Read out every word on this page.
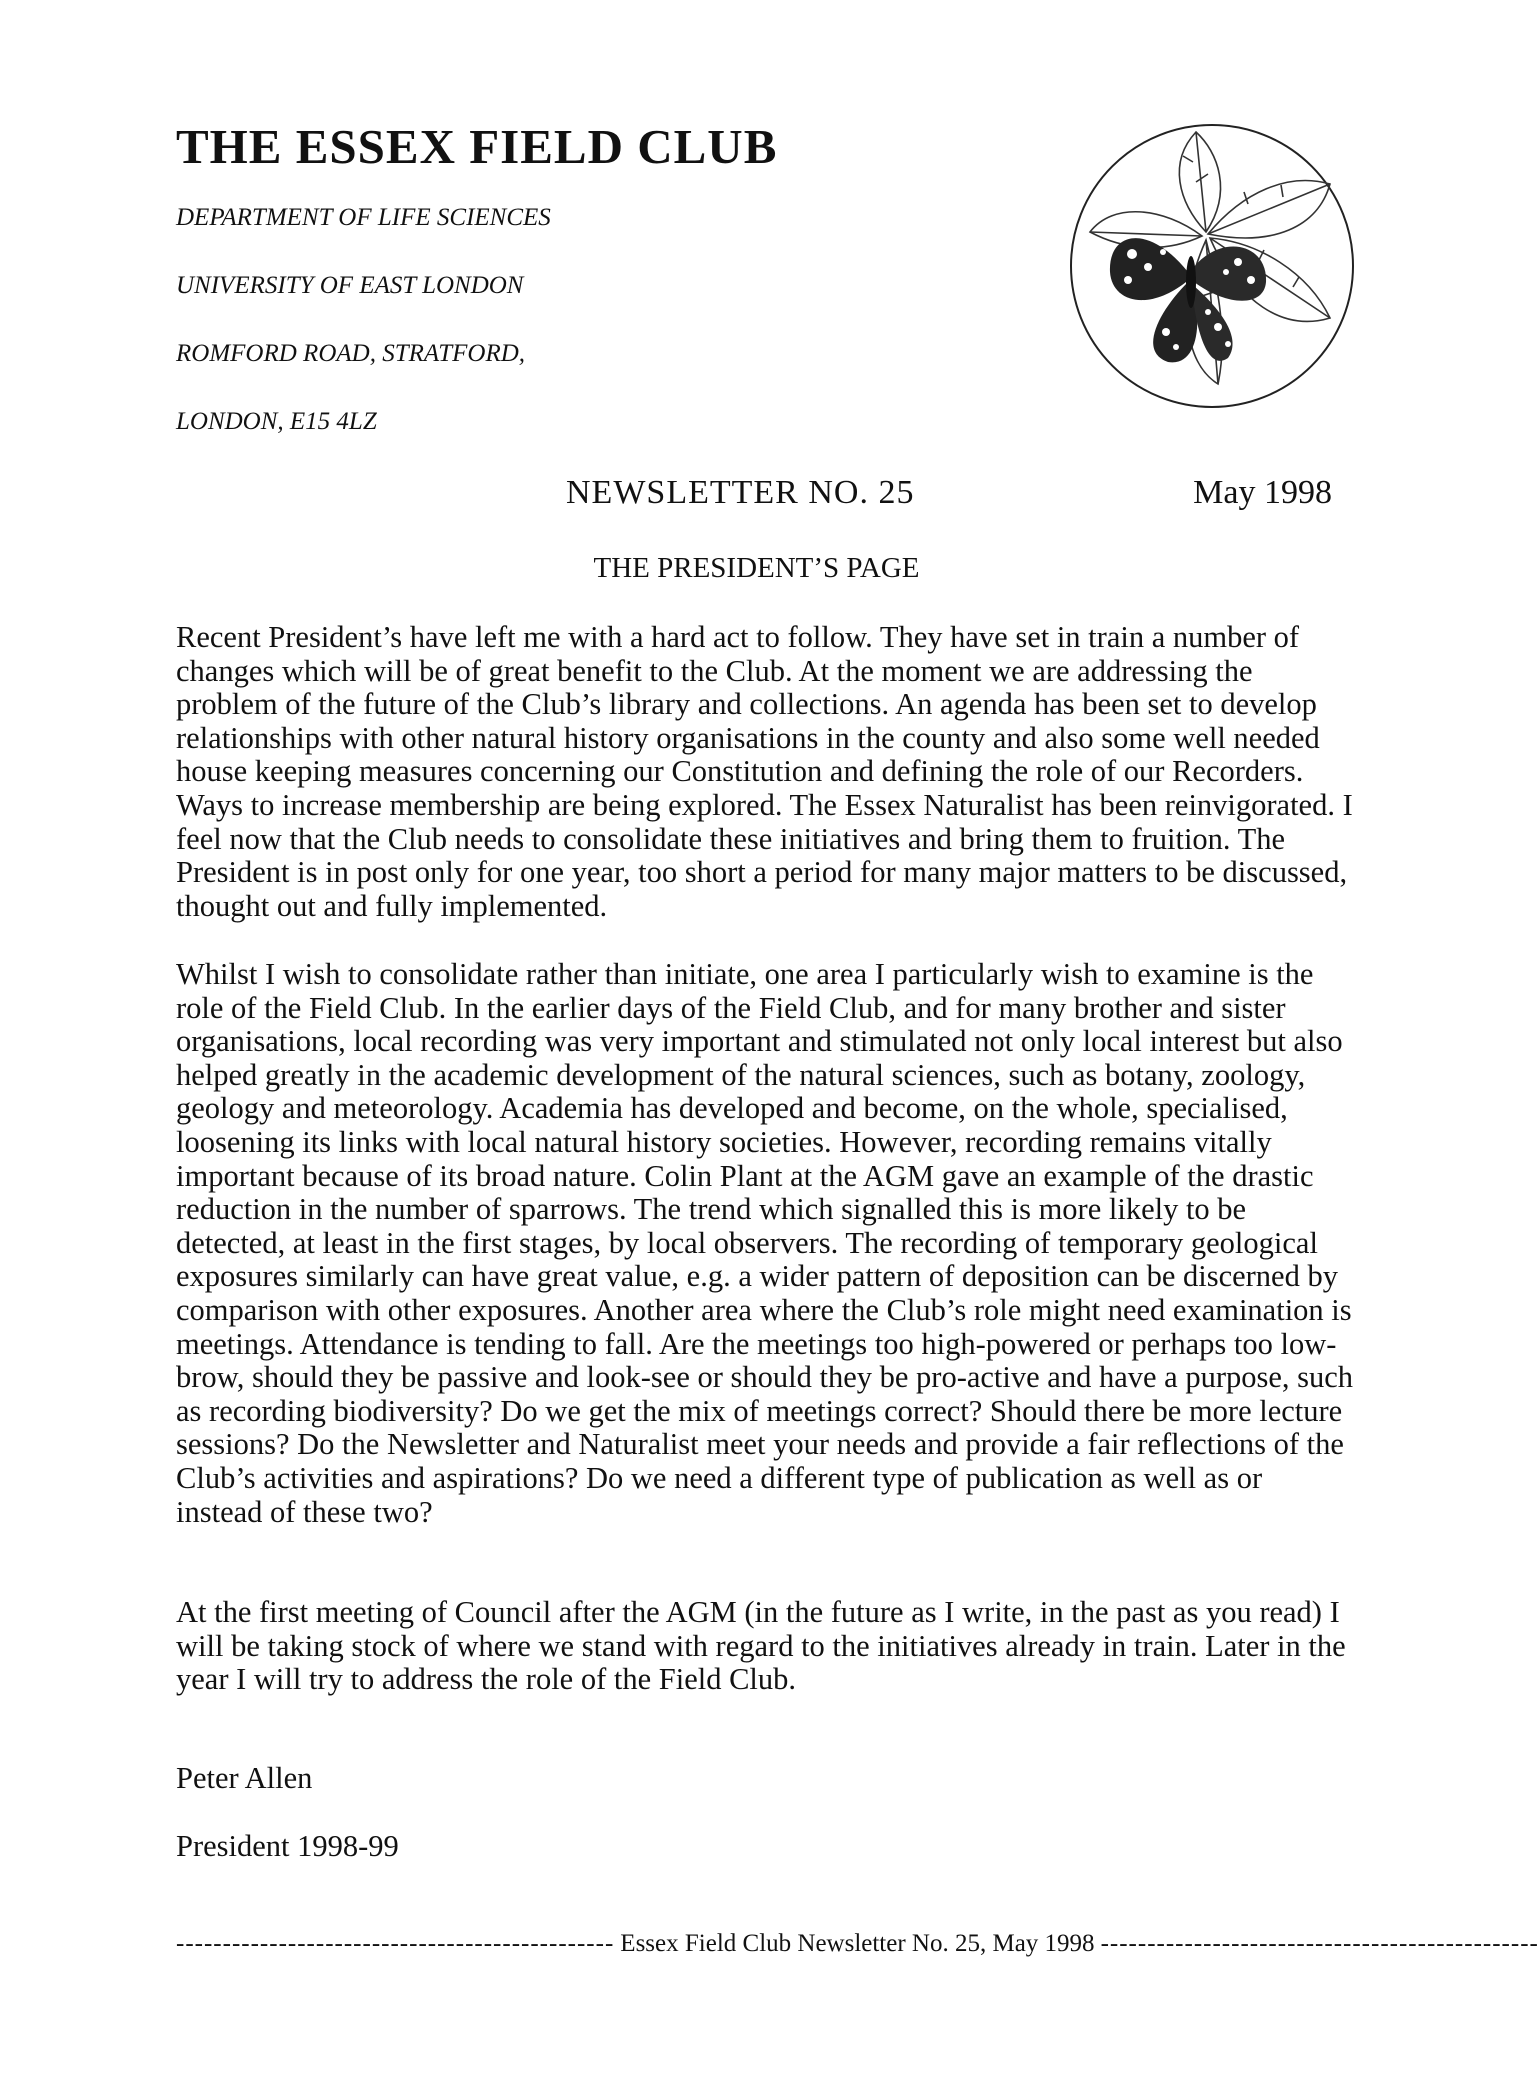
THE ESSEX FIELD CLUB

DEPARTMENT OF LIFE SCIENCES

UNIVERSITY OF EAST LONDON

ROMFORD ROAD, STRATFORD,

LONDON, E15 4LZ

NEWSLETTER NO. 25	May 1998

THE PRESIDENT’S PAGE

Recent President’s have left me with a hard act to follow. They have set in train a number of changes which will be of great benefit to the Club. At the moment we are addressing the problem of the future of the Club’s library and collections. An agenda has been set to develop relationships with other natural history organisations in the county and also some well needed house keeping measures concerning our Constitution and defining the role of our Recorders. Ways to increase membership are being explored. The Essex Naturalist has been reinvigorated. I feel now that the Club needs to consolidate these initiatives and bring them to fruition. The President is in post only for one year, too short a period for many major matters to be discussed, thought out and fully implemented.

Whilst I wish to consolidate rather than initiate, one area I particularly wish to examine is the role of the Field Club. In the earlier days of the Field Club, and for many brother and sister organisations, local recording was very important and stimulated not only local interest but also helped greatly in the academic development of the natural sciences, such as botany, zoology, geology and meteorology. Academia has developed and become, on the whole, specialised, loosening its links with local natural history societies. However, recording remains vitally important because of its broad nature. Colin Plant at the AGM gave an example of the drastic reduction in the number of sparrows. The trend which signalled this is more likely to be detected, at least in the first stages, by local observers. The recording of temporary geological exposures similarly can have great value, e.g. a wider pattern of deposition can be discerned by comparison with other exposures. Another area where the Club’s role might need examination is meetings. Attendance is tending to fall. Are the meetings too high-powered or perhaps too low-brow, should they be passive and look-see or should they be pro-active and have a purpose, such as recording biodiversity? Do we get the mix of meetings correct? Should there be more lecture sessions? Do the Newsletter and Naturalist meet your needs and provide a fair reflections of the Club’s activities and aspirations? Do we need a different type of publication as well as or instead of these two?

At the first meeting of Council after the AGM (in the future as I write, in the past as you read) I will be taking stock of where we stand with regard to the initiatives already in train. Later in the year I will try to address the role of the Field Club.

Peter Allen

President 1998-99

----------------------------------------------- Essex Field Club Newsletter No. 25, May 1998 -----------------------------------------------
